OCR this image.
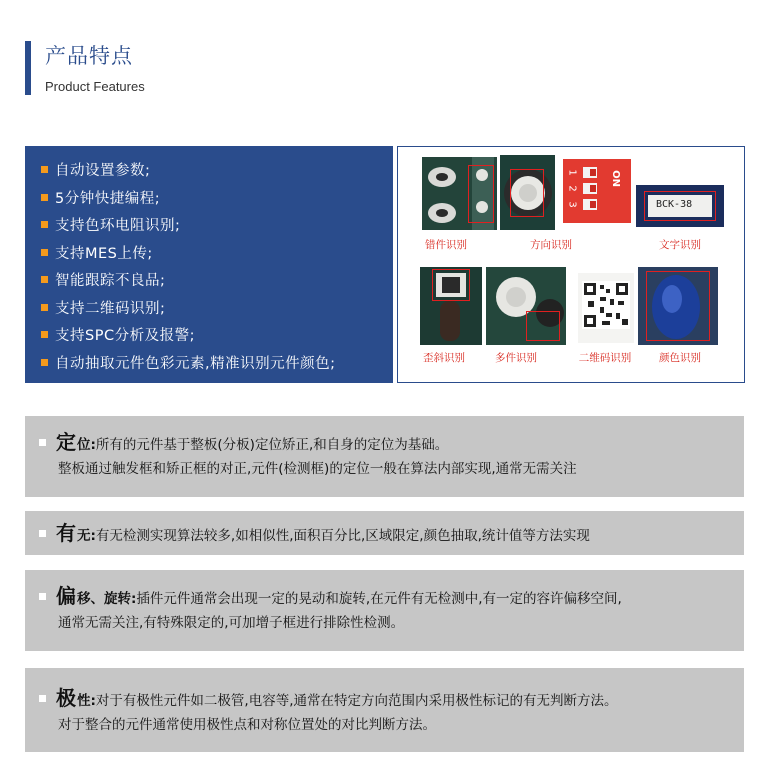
产品特点
Product Features
自动设置参数;
5分钟快捷编程;
支持色环电阻识别;
支持MES上传;
智能跟踪不良品;
支持二维码识别;
支持SPC分析及报警;
自动抽取元件色彩元素,精准识别元件颜色;
错件识别	方向识别
ON
1
2
3	BCK-38
文字识别
歪斜识别	多件识别	二维码识别	颜色识别
定 位: 所有的元件基于整板(分板)定位矫正,和自身的定位为基础。
整板通过触发框和矫正框的对正,元件(检测框)的定位一般在算法内部实现,通常无需关注
有 无: 有无检测实现算法较多,如相似性,面积百分比,区域限定,颜色抽取,统计值等方法实现
偏 移、旋转: 插件元件通常会出现一定的晃动和旋转,在元件有无检测中,有一定的容许偏移空间,
通常无需关注,有特殊限定的,可加增子框进行排除性检测。
极 性: 对于有极性元件如二极管,电容等,通常在特定方向范围内采用极性标记的有无判断方法。
对于整合的元件通常使用极性点和对称位置处的对比判断方法。
